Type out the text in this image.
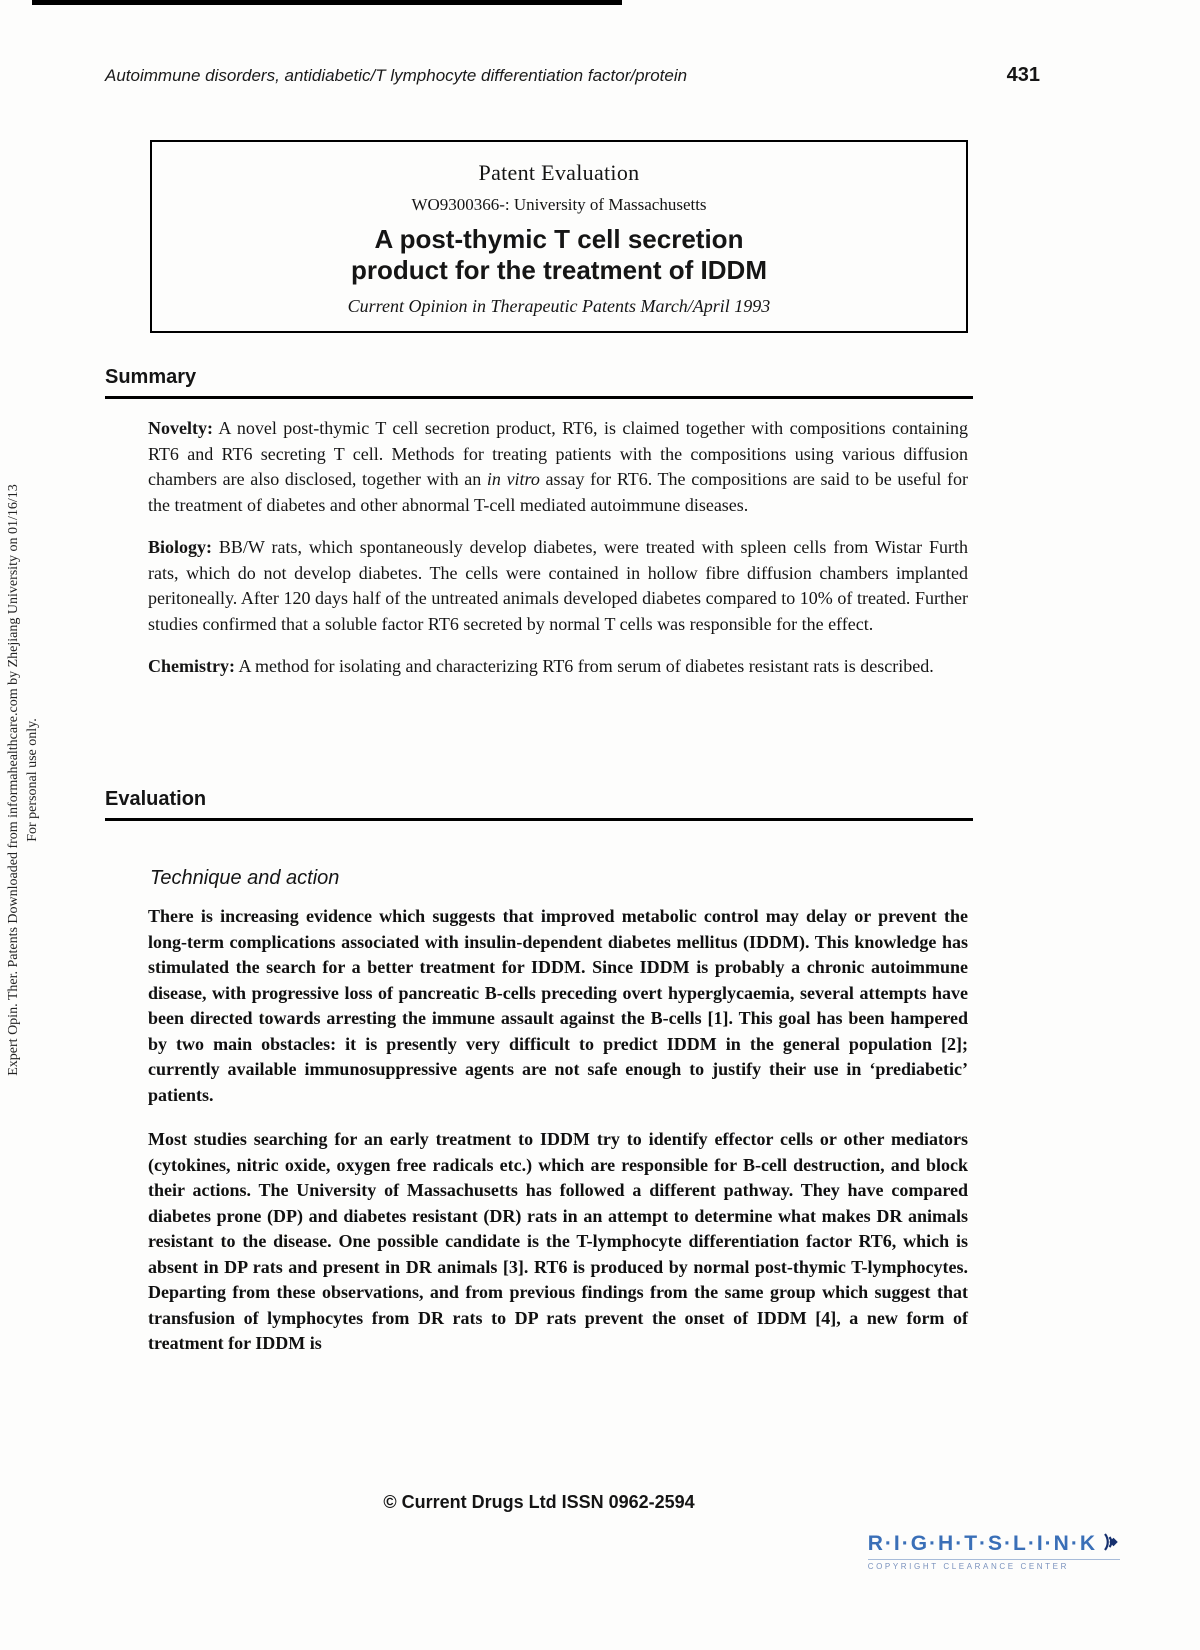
Autoimmune disorders, antidiabetic/T lymphocyte differentiation factor/protein	431
Expert Opin. Ther. Patents Downloaded from informahealthcare.com by Zhejiang University on 01/16/13 For personal use only.
Patent Evaluation
WO9300366-: University of Massachusetts
A post-thymic T cell secretion
product for the treatment of IDDM
Current Opinion in Therapeutic Patents March/April 1993
Summary

Novelty: A novel post-thymic T cell secretion product, RT6, is claimed together with compositions containing RT6 and RT6 secreting T cell. Methods for treating patients with the compositions using various diffusion chambers are also disclosed, together with an in vitro assay for RT6. The compositions are said to be useful for the treatment of diabetes and other abnormal T-cell mediated autoimmune diseases.

Biology: BB/W rats, which spontaneously develop diabetes, were treated with spleen cells from Wistar Furth rats, which do not develop diabetes. The cells were contained in hollow fibre diffusion chambers implanted peritoneally. After 120 days half of the untreated animals developed diabetes compared to 10% of treated. Further studies confirmed that a soluble factor RT6 secreted by normal T cells was responsible for the effect.

Chemistry: A method for isolating and characterizing RT6 from serum of diabetes resistant rats is described.

Evaluation
Technique and action

There is increasing evidence which suggests that improved metabolic control may delay or prevent the long-term complications associated with insulin-dependent diabetes mellitus (IDDM). This knowledge has stimulated the search for a better treatment for IDDM. Since IDDM is probably a chronic autoimmune disease, with progressive loss of pancreatic B-cells preceding overt hyperglycaemia, several attempts have been directed towards arresting the immune assault against the B-cells [1]. This goal has been hampered by two main obstacles: it is presently very difficult to predict IDDM in the general population [2]; currently available immunosuppressive agents are not safe enough to justify their use in ‘prediabetic’ patients.

Most studies searching for an early treatment to IDDM try to identify effector cells or other mediators (cytokines, nitric oxide, oxygen free radicals etc.) which are responsible for B-cell destruction, and block their actions. The University of Massachusetts has followed a different pathway. They have compared diabetes prone (DP) and diabetes resistant (DR) rats in an attempt to determine what makes DR animals resistant to the disease. One possible candidate is the T-lymphocyte differentiation factor RT6, which is absent in DP rats and present in DR animals [3]. RT6 is produced by normal post-thymic T-lymphocytes. Departing from these observations, and from previous findings from the same group which suggest that transfusion of lymphocytes from DR rats to DP rats prevent the onset of IDDM [4], a new form of treatment for IDDM is

© Current Drugs Ltd ISSN 0962-2594
R·I·G·H·T·S·L·I·N·K
COPYRIGHT CLEARANCE CENTER
